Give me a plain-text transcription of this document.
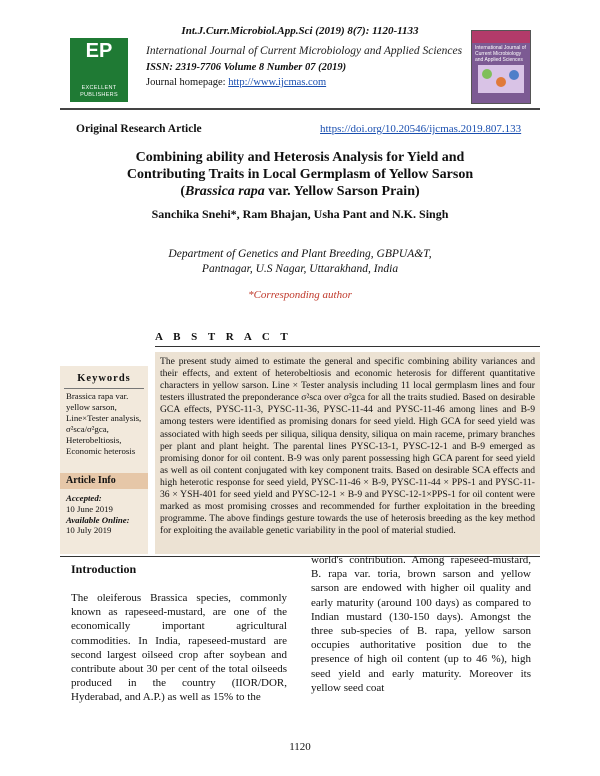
Int.J.Curr.Microbiol.App.Sci (2019) 8(7): 1120-1133
EP
EXCELLENT PUBLISHERS
International Journal of Current Microbiology and Applied Sciences
ISSN: 2319-7706 Volume 8 Number 07 (2019)
Journal homepage: http://www.ijcmas.com
International Journal of Current Microbiology and Applied Sciences
Original Research Article	https://doi.org/10.20546/ijcmas.2019.807.133
Combining ability and Heterosis Analysis for Yield and Contributing Traits in Local Germplasm of Yellow Sarson (Brassica rapa var. Yellow Sarson Prain)
Sanchika Snehi*, Ram Bhajan, Usha Pant and N.K. Singh
Department of Genetics and Plant Breeding, GBPUA&T,
Pantnagar, U.S Nagar, Uttarakhand, India
*Corresponding author
A B S T R A C T
The present study aimed to estimate the general and specific combining ability variances and their effects, and extent of heterobeltiosis and economic heterosis for different quantitative characters in yellow sarson. Line × Tester analysis including 11 local germplasm lines and four testers illustrated the preponderance σ²sca over σ²gca for all the traits studied. Based on desirable GCA effects, PYSC-11-3, PYSC-11-36, PYSC-11-44 and PYSC-11-46 among lines and B-9 among testers were identified as promising donars for seed yield. High GCA for seed yield was associated with high seeds per siliqua, siliqua density, siliqua on main raceme, primary branches per plant and plant height. The parental lines PYSC-13-1, PYSC-12-1 and B-9 emerged as promising donor for oil content. B-9 was only parent possessing high GCA parent for seed yield as well as oil content conjugated with key component traits. Based on desirable SCA effects and high heterotic response for seed yield, PYSC-11-46 × B-9, PYSC-11-44 × PPS-1 and PYSC-11-36 × YSH-401 for seed yield and PYSC-12-1 × B-9 and PYSC-12-1×PPS-1 for oil content were marked as most promising crosses and recommended for further exploitation in the breeding programme. The above findings gesture towards the use of heterosis breeding as the key method for exploiting the available genetic variability in the pool of material studied.
Keywords
Brassica rapa var. yellow sarson, Line×Tester analysis, σ²sca/σ²gca, Heterobeltiosis, Economic heterosis
Article Info
Accepted:
10 June 2019
Available Online:
10 July 2019
Introduction

The oleiferous Brassica species, commonly known as rapeseed-mustard, are one of the economically important agricultural commodities. In India, rapeseed-mustard are second largest oilseed crop after soybean and contribute about 30 per cent of the total oilseeds produced in the country (IIOR/DOR, Hyderabad, and A.P.) as well as 15% to the

world's contribution. Among rapeseed-mustard, B. rapa var. toria, brown sarson and yellow sarson are endowed with higher oil quality and early maturity (around 100 days) as compared to Indian mustard (130-150 days). Amongst the three sub-species of B. rapa, yellow sarson occupies authoritative position due to the presence of high oil content (up to 46 %), high seed yield and early maturity. Moreover its yellow seed coat

1120
